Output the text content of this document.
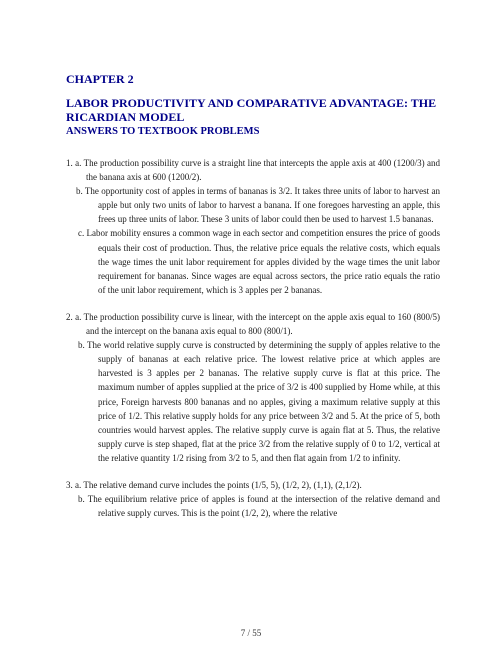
CHAPTER 2
LABOR PRODUCTIVITY AND COMPARATIVE ADVANTAGE: THE RICARDIAN MODEL
ANSWERS TO TEXTBOOK PROBLEMS

1. a. The production possibility curve is a straight line that intercepts the apple axis at 400 (1200/3) and the banana axis at 600 (1200/2).

b. The opportunity cost of apples in terms of bananas is 3/2. It takes three units of labor to harvest an apple but only two units of labor to harvest a banana. If one foregoes harvesting an apple, this frees up three units of labor. These 3 units of labor could then be used to harvest 1.5 bananas.

c. Labor mobility ensures a common wage in each sector and competition ensures the price of goods equals their cost of production. Thus, the relative price equals the relative costs, which equals the wage times the unit labor requirement for apples divided by the wage times the unit labor requirement for bananas. Since wages are equal across sectors, the price ratio equals the ratio of the unit labor requirement, which is 3 apples per 2 bananas.

2. a. The production possibility curve is linear, with the intercept on the apple axis equal to 160 (800/5) and the intercept on the banana axis equal to 800 (800/1).

b. The world relative supply curve is constructed by determining the supply of apples relative to the supply of bananas at each relative price. The lowest relative price at which apples are harvested is 3 apples per 2 bananas. The relative supply curve is flat at this price. The maximum number of apples supplied at the price of 3/2 is 400 supplied by Home while, at this price, Foreign harvests 800 bananas and no apples, giving a maximum relative supply at this price of 1/2. This relative supply holds for any price between 3/2 and 5. At the price of 5, both countries would harvest apples. The relative supply curve is again flat at 5. Thus, the relative supply curve is step shaped, flat at the price 3/2 from the relative supply of 0 to 1/2, vertical at the relative quantity 1/2 rising from 3/2 to 5, and then flat again from 1/2 to infinity.

3. a. The relative demand curve includes the points (1/5, 5), (1/2, 2), (1,1), (2,1/2).

b. The equilibrium relative price of apples is found at the intersection of the relative demand and relative supply curves. This is the point (1/2, 2), where the relative

7 / 55
